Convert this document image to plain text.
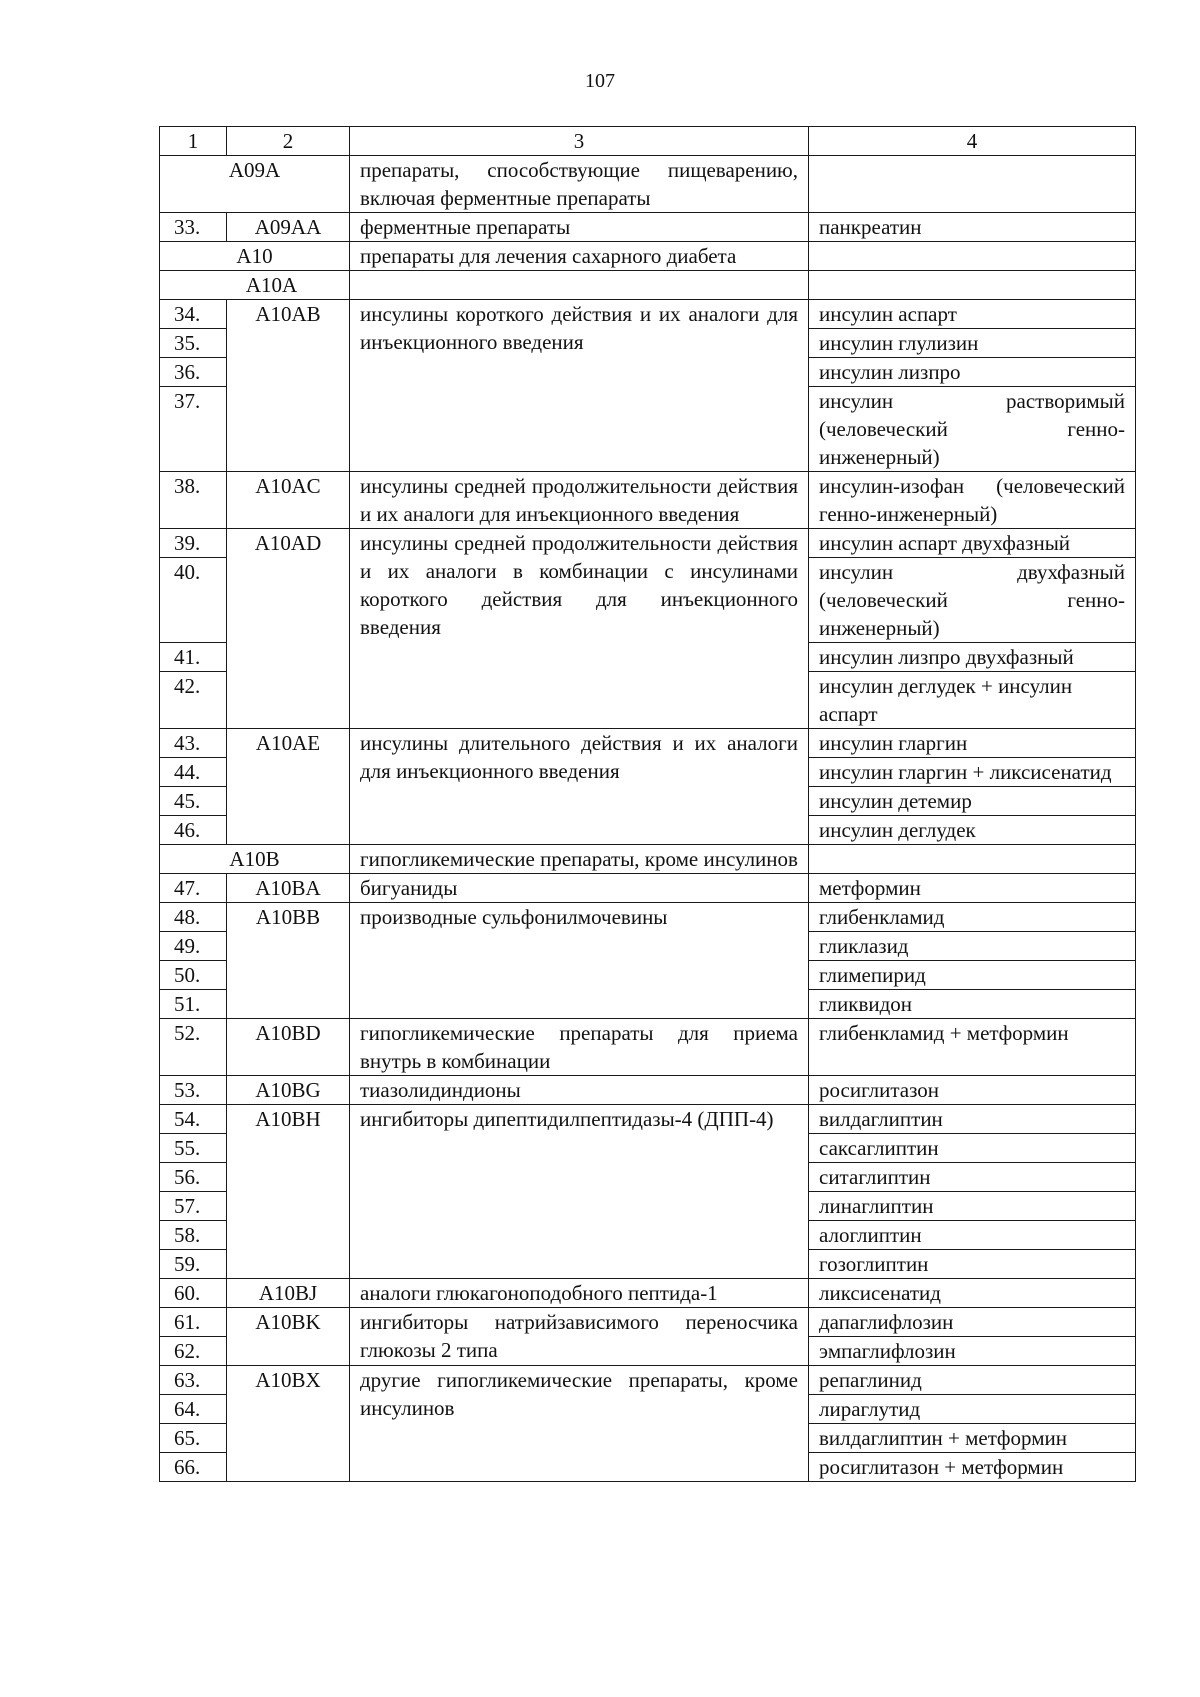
107
1	2	3	4
A09A		препараты, способствующие пищеварению, включая ферментные препараты	
33.	A09AA	ферментные препараты	панкреатин
A10		препараты для лечения сахарного диабета	
A10A			
34.	A10AB	инсулины короткого действия и их аналоги для инъекционного введения	инсулин аспарт
35.			инсулин глулизин
36.			инсулин лизпро
37.			инсулин растворимый (человеческий генно-инженерный)
38.	A10AC	инсулины средней продолжительности действия и их аналоги для инъекционного введения	инсулин-изофан (человеческий генно-инженерный)
39.	A10AD	инсулины средней продолжительности действия и их аналоги в комбинации с инсулинами короткого действия для инъекционного введения	инсулин аспарт двухфазный
40.			инсулин двухфазный (человеческий генно-инженерный)
41.			инсулин лизпро двухфазный
42.			инсулин деглудек + инсулин аспарт
43.	A10AE	инсулины длительного действия и их аналоги для инъекционного введения	инсулин гларгин
44.			инсулин гларгин + ликсисенатид
45.			инсулин детемир
46.			инсулин деглудек
A10B		гипогликемические препараты, кроме инсулинов	
47.	A10BA	бигуаниды	метформин
48.	A10BB	производные сульфонилмочевины	глибенкламид
49.			гликлазид
50.			глимепирид
51.			гликвидон
52.	A10BD	гипогликемические препараты для приема внутрь в комбинации	глибенкламид + метформин
53.	A10BG	тиазолидиндионы	росиглитазон
54.	A10BH	ингибиторы дипептидилпептидазы-4 (ДПП-4)	вилдаглиптин
55.			саксаглиптин
56.			ситаглиптин
57.			линаглиптин
58.			алоглиптин
59.			гозоглиптин
60.	A10BJ	аналоги глюкагоноподобного пептида-1	ликсисенатид
61.	A10BK	ингибиторы натрийзависимого переносчика глюкозы 2 типа	дапаглифлозин
62.			эмпаглифлозин
63.	A10BX	другие гипогликемические препараты, кроме инсулинов	репаглинид
64.			лираглутид
65.			вилдаглиптин + метформин
66.			росиглитазон + метформин
